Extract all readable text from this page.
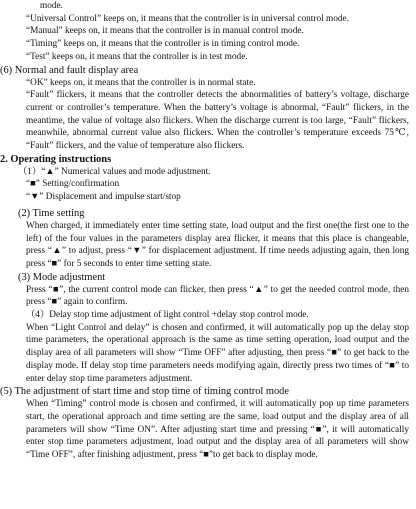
mode.

“Universal Control” keeps on, it means that the controller is in universal control mode.

“Manual” keeps on, it means that the controller is in manual control mode.

“Timing” keeps on, it means that the controller is in timing control mode.

“Test” keeps on, it means that the controller is in test mode.

(6) Normal and fault display area

“OK” keeps on, it means that the controller is in normal state.

“Fault” flickers, it means that the controller detects the abnormalities of battery’s voltage, discharge current or controller’s temperature. When the battery’s voltage is abnormal, “Fault” flickers, in the meantime, the value of voltage also flickers. When the discharge current is too large, “Fault” flickers, meanwhile, abnormal current value also flickers. When the controller’s temperature exceeds 75℃, “Fault” flickers, and the value of temperature also flickers.

2. Operating instructions

（1）“▲” Numerical values and mode adjustment.

“■” Setting/confirmation

“▼” Displacement and impulse start/stop

(2) Time setting

When charged, it immediately enter time setting state, load output and the first one(the first one to the left) of the four values in the parameters display area flicker, it means that this place is changeable, press “▲” to adjust, press “▼” for displacement adjustment. If time needs adjusting again, then long press “■” for 5 seconds to enter time setting state.

(3) Mode adjustment

Press “■”, the current control mode can flicker, then press “▲” to get the needed control mode, then press “■” again to confirm.

（4）Delay stop time adjustment of light control +delay stop control mode.

When “Light Control and delay” is chosen and confirmed, it will automatically pop up the delay stop time parameters, the operational approach is the same as time setting operation, load output and the display area of all parameters will show “Time OFF” after adjusting, then press “■” to get back to the display mode. If delay stop time parameters needs modifying again, directly press two times of “■” to enter delay stop time parameters adjustment.

(5) The adjustment of start time and stop time of timing control mode

When “Timing” control mode is chosen and confirmed, it will automatically pop up time parameters start, the operational approach and time setting are the same, load output and the display area of all parameters will show “Time ON”. After adjusting start time and pressing “■”, it will automatically enter stop time parameters adjustment, load output and the display area of all parameters will show “Time OFF”, after finishing adjustment, press “■”to get back to display mode.
